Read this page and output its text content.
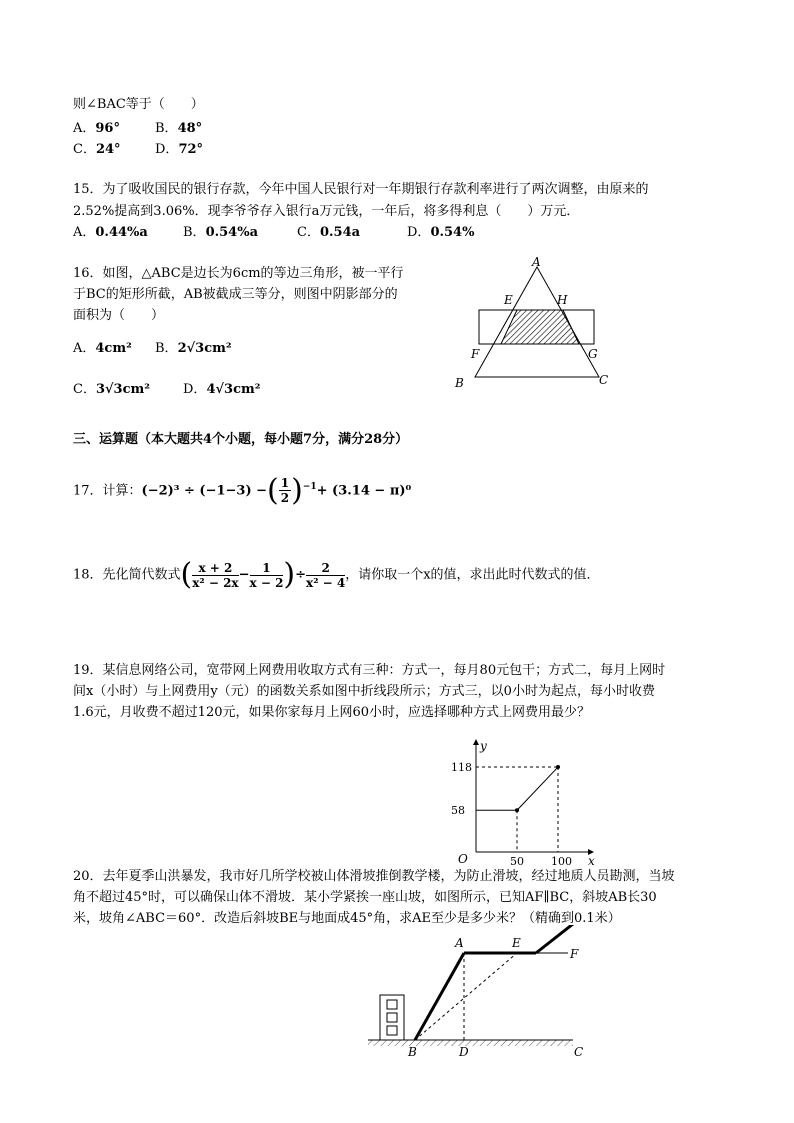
则∠BAC等于（　　）
A．96°	B．48°
C．24°	D．72°
15．为了吸收国民的银行存款，今年中国人民银行对一年期银行存款利率进行了两次调整，由原来的
2.52%提高到3.06%．现李爷爷存入银行a万元钱，一年后，将多得利息（　　）万元．
A．0.44%a	B．0.54%a	C．0.54a	D．0.54%
16．如图，△ABC是边长为6cm的等边三角形，被一平行
于BC的矩形所截，AB被截成三等分，则图中阴影部分的
面积为（　　）
A．4cm² B．2√3cm²
C．3√3cm²	D．4√3cm²
A
E	H
F	G
B	C
三、运算题（本大题共4个小题，每小题7分，满分28分）
17．计算：(−2)³ ÷ (−1−3) −( $\frac{1}{2} )^{-1}+ (3.14 - \pi)^0$
18．先化简代数式( $\frac{x + 2}{\text{x² − 2x}} - \frac{1}{x - 2}$ )÷ $\frac{2}{\text{x² − 4}}$ ，请你取一个x的值，求出此时代数式的值．
19．某信息网络公司，宽带网上网费用收取方式有三种：方式一，每月80元包干；方式二，每月上网时
间x（小时）与上网费用y（元）的函数关系如图中折线段所示；方式三，以0小时为起点，每小时收费
1.6元，月收费不超过120元，如果你家每月上网60小时，应选择哪种方式上网费用最少？
y
x
O	50 100
58
118
20．去年夏季山洪暴发，我市好几所学校被山体滑坡推倒教学楼，为防止滑坡，经过地质人员勘测，当坡
角不超过45°时，可以确保山体不滑坡．某小学紧挨一座山坡，如图所示，已知AF∥BC，斜坡AB长30
米，坡角∠ABC＝60°．改造后斜坡BE与地面成45°角，求AE至少是多少米？（精确到0.1米）
A	E
F
B	D	C
